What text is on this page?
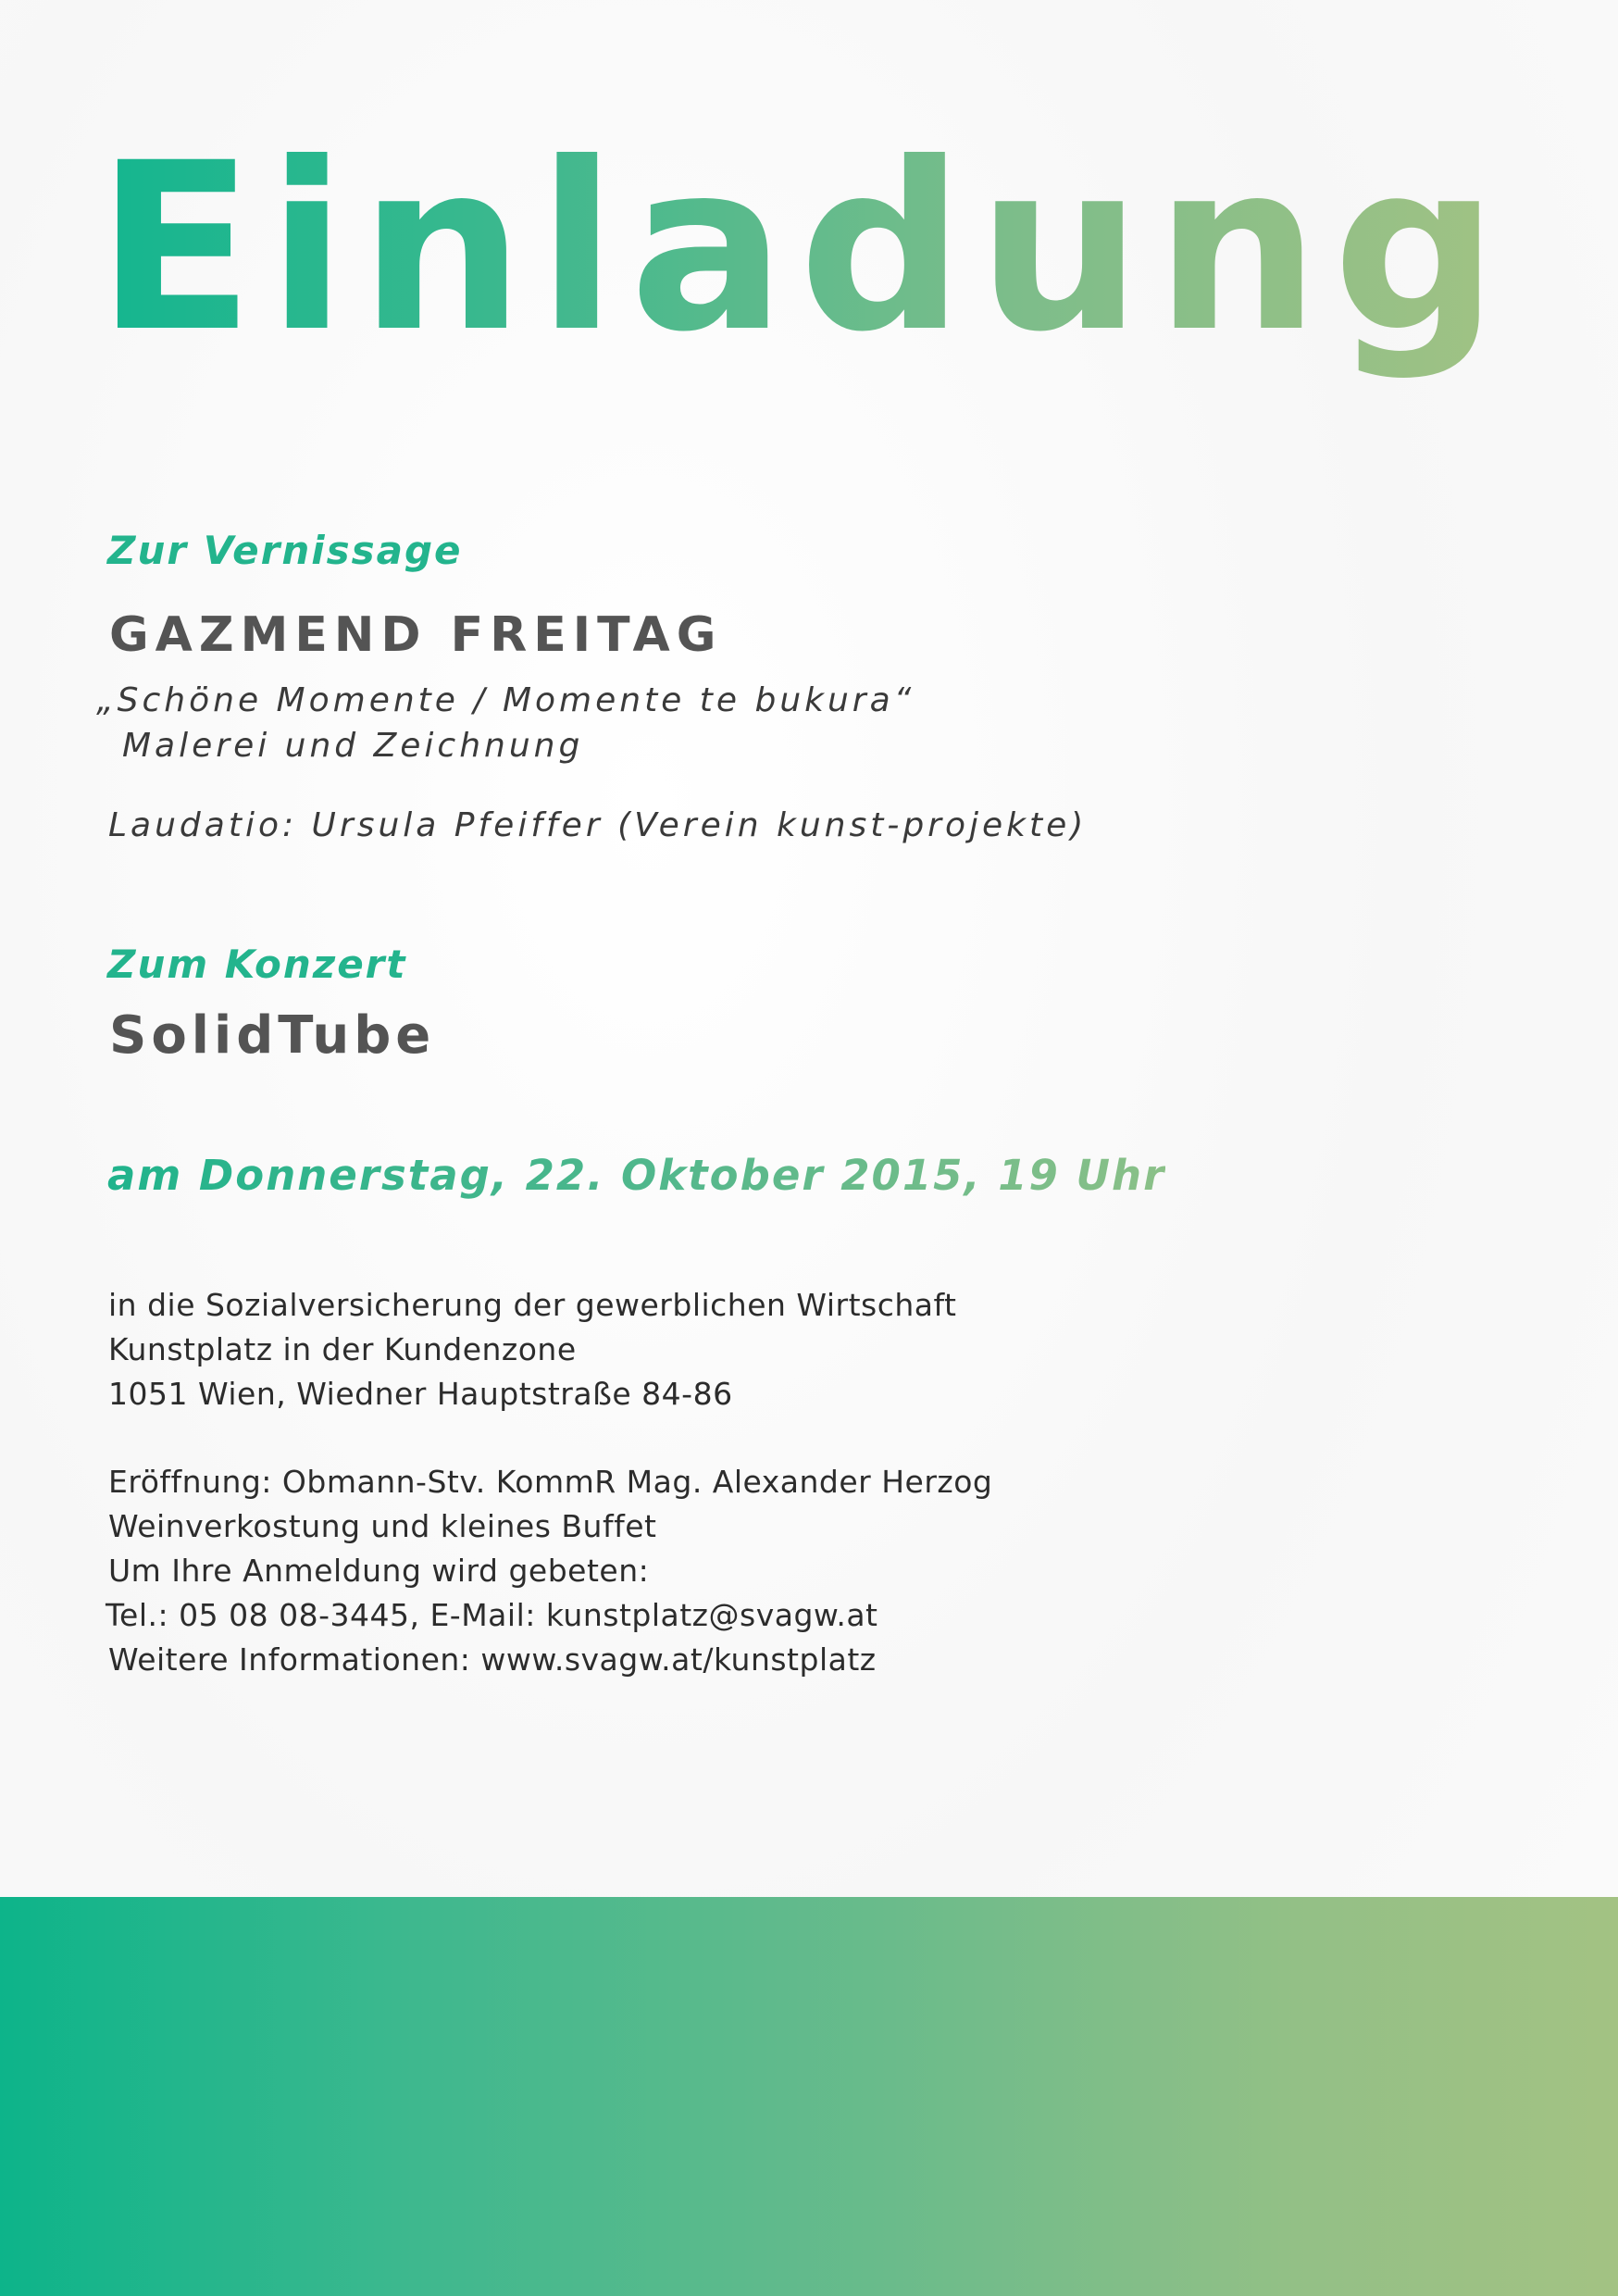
Einladung

Zur Vernissage

GAZMEND FREITAG

„Schöne Momente / Momente te bukura“

Malerei und Zeichnung

Laudatio: Ursula Pfeiffer (Verein kunst-projekte)

Zum Konzert

SolidTube

am Donnerstag, 22. Oktober 2015, 19 Uhr

in die Sozialversicherung der gewerblichen Wirtschaft

Kunstplatz in der Kundenzone

1051 Wien, Wiedner Hauptstraße 84-86

Eröffnung: Obmann-Stv. KommR Mag. Alexander Herzog

Weinverkostung und kleines Buffet

Um Ihre Anmeldung wird gebeten:

Tel.: 05 08 08-3445, E-Mail: kunstplatz@svagw.at

Weitere Informationen: www.svagw.at/kunstplatz
